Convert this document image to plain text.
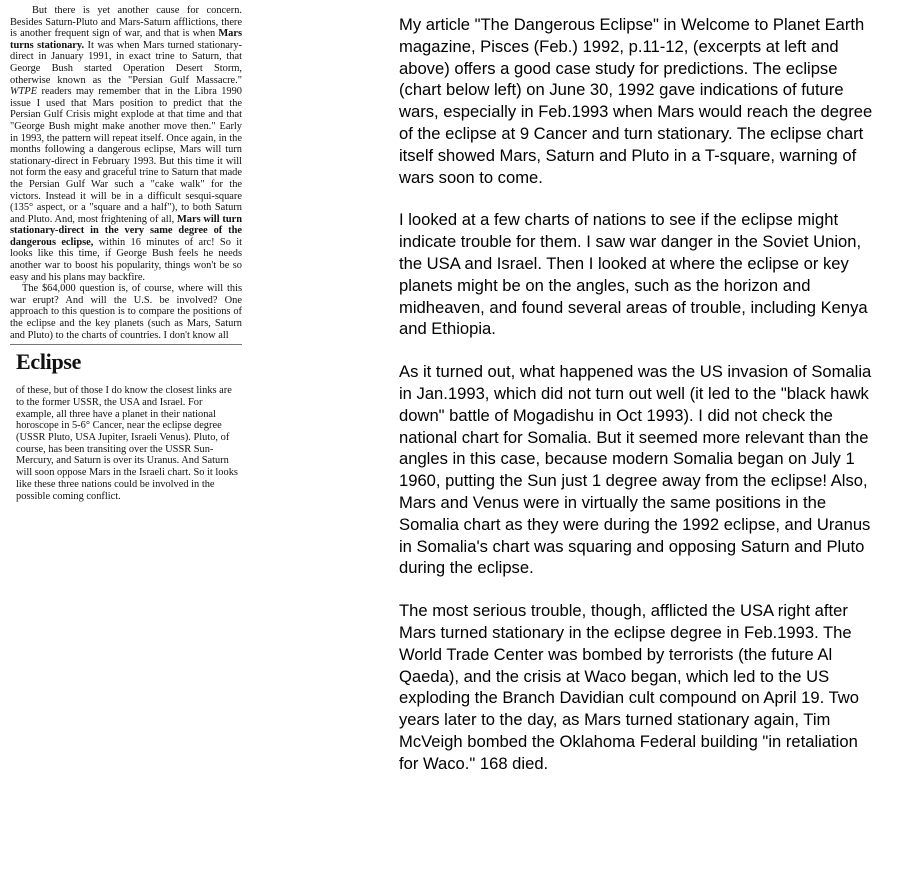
But there is yet another cause for concern. Besides Saturn-Pluto and Mars-Saturn afflictions, there is another frequent sign of war, and that is when Mars turns stationary. It was when Mars turned stationary-direct in January 1991, in exact trine to Saturn, that George Bush started Operation Desert Storm, otherwise known as the "Persian Gulf Massacre." WTPE readers may remember that in the Libra 1990 issue I used that Mars position to predict that the Persian Gulf Crisis might explode at that time and that "George Bush might make another move then." Early in 1993, the pattern will repeat itself. Once again, in the months following a dangerous eclipse, Mars will turn stationary-direct in February 1993. But this time it will not form the easy and graceful trine to Saturn that made the Persian Gulf War such a "cake walk" for the victors. Instead it will be in a difficult sesqui-square (135° aspect, or a "square and a half"), to both Saturn and Pluto. And, most frightening of all, Mars will turn stationary-direct in the very same degree of the dangerous eclipse, within 16 minutes of arc! So it looks like this time, if George Bush feels he needs another war to boost his popularity, things won't be so easy and his plans may backfire.

The $64,000 question is, of course, where will this war erupt? And will the U.S. be involved? One approach to this question is to compare the positions of the eclipse and the key planets (such as Mars, Saturn and Pluto) to the charts of countries. I don't know all

Eclipse

of these, but of those I do know the closest links are to the former USSR, the USA and Israel. For example, all three have a planet in their national horoscope in 5-6° Cancer, near the eclipse degree (USSR Pluto, USA Jupiter, Israeli Venus). Pluto, of course, has been transiting over the USSR Sun-Mercury, and Saturn is over its Uranus. And Saturn will soon oppose Mars in the Israeli chart. So it looks like these three nations could be involved in the possible coming conflict.

My article "The Dangerous Eclipse" in Welcome to Planet Earth magazine, Pisces (Feb.) 1992, p.11-12, (excerpts at left and above) offers a good case study for predictions. The eclipse (chart below left) on June 30, 1992 gave indications of future wars, especially in Feb.1993 when Mars would reach the degree of the eclipse at 9 Cancer and turn stationary. The eclipse chart itself showed Mars, Saturn and Pluto in a T-square, warning of wars soon to come.

I looked at a few charts of nations to see if the eclipse might indicate trouble for them. I saw war danger in the Soviet Union, the USA and Israel. Then I looked at where the eclipse or key planets might be on the angles, such as the horizon and midheaven, and found several areas of trouble, including Kenya and Ethiopia.

As it turned out, what happened was the US invasion of Somalia in Jan.1993, which did not turn out well (it led to the "black hawk down" battle of Mogadishu in Oct 1993). I did not check the national chart for Somalia. But it seemed more relevant than the angles in this case, because modern Somalia began on July 1 1960, putting the Sun just 1 degree away from the eclipse! Also, Mars and Venus were in virtually the same positions in the Somalia chart as they were during the 1992 eclipse, and Uranus in Somalia's chart was squaring and opposing Saturn and Pluto during the eclipse.

The most serious trouble, though, afflicted the USA right after Mars turned stationary in the eclipse degree in Feb.1993. The World Trade Center was bombed by terrorists (the future Al Qaeda), and the crisis at Waco began, which led to the US exploding the Branch Davidian cult compound on April 19. Two years later to the day, as Mars turned stationary again, Tim McVeigh bombed the Oklahoma Federal building "in retaliation for Waco." 168 died.
